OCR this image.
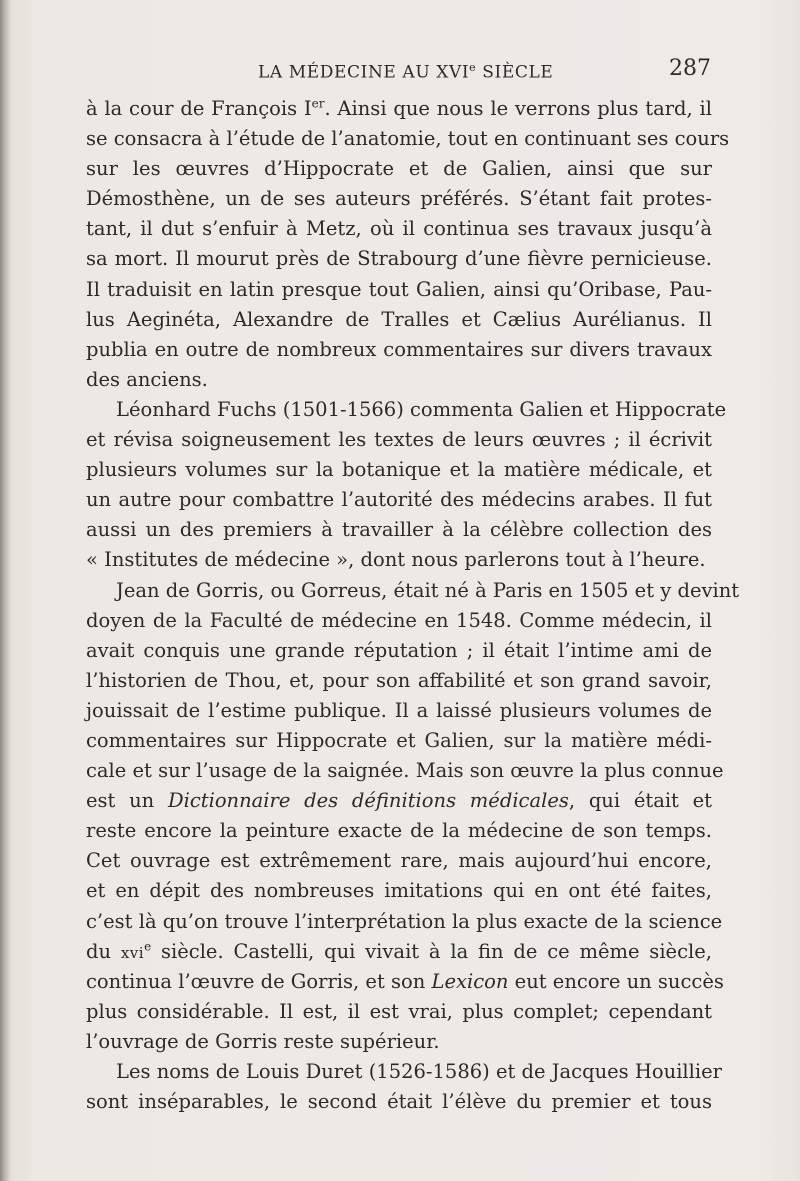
LA MÉDECINE AU XVIe SIÈCLE	287
à la cour de François Ier. Ainsi que nous le verrons plus tard, il
se consacra à l’étude de l’anatomie, tout en continuant ses cours
sur les œuvres d’Hippocrate et de Galien, ainsi que sur
Démosthène, un de ses auteurs préférés. S’étant fait protes-
tant, il dut s’enfuir à Metz, où il continua ses travaux jusqu’à
sa mort. Il mourut près de Strabourg d’une fièvre pernicieuse.
Il traduisit en latin presque tout Galien, ainsi qu’Oribase, Pau-
lus Aeginéta, Alexandre de Tralles et Cælius Aurélianus. Il
publia en outre de nombreux commentaires sur divers travaux
des anciens.
Léonhard Fuchs (1501-1566) commenta Galien et Hippocrate
et révisa soigneusement les textes de leurs œuvres ; il écrivit
plusieurs volumes sur la botanique et la matière médicale, et
un autre pour combattre l’autorité des médecins arabes. Il fut
aussi un des premiers à travailler à la célèbre collection des
« Institutes de médecine », dont nous parlerons tout à l’heure.
Jean de Gorris, ou Gorreus, était né à Paris en 1505 et y devint
doyen de la Faculté de médecine en 1548. Comme médecin, il
avait conquis une grande réputation ; il était l’intime ami de
l’historien de Thou, et, pour son affabilité et son grand savoir,
jouissait de l’estime publique. Il a laissé plusieurs volumes de
commentaires sur Hippocrate et Galien, sur la matière médi-
cale et sur l’usage de la saignée. Mais son œuvre la plus connue
est un Dictionnaire des définitions médicales, qui était et
reste encore la peinture exacte de la médecine de son temps.
Cet ouvrage est extrêmement rare, mais aujourd’hui encore,
et en dépit des nombreuses imitations qui en ont été faites,
c’est là qu’on trouve l’interprétation la plus exacte de la science
du xvi$^e$ siècle. Castelli, qui vivait à la fin de ce même siècle,
continua l’œuvre de Gorris, et son Lexicon eut encore un succès
plus considérable. Il est, il est vrai, plus complet; cependant
l’ouvrage de Gorris reste supérieur.
Les noms de Louis Duret (1526-1586) et de Jacques Houillier
sont inséparables, le second était l’élève du premier et tous
